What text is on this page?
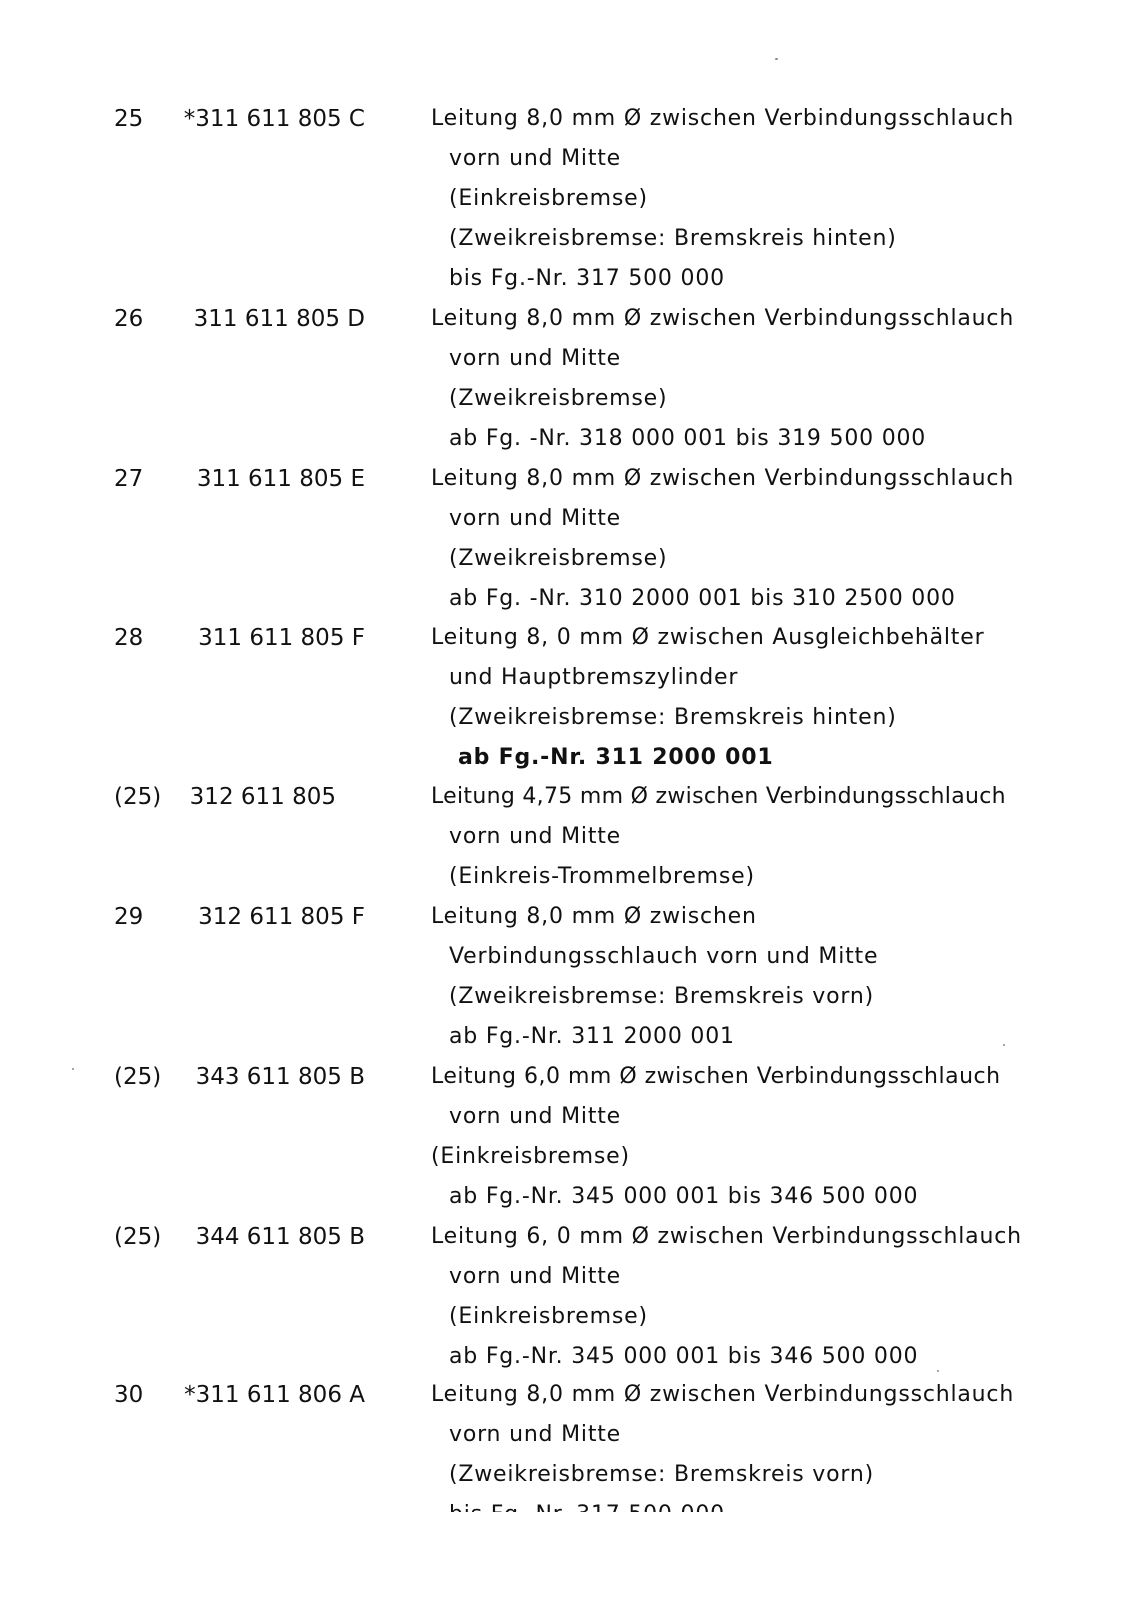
25	*311 611 805 C	Leitung 8,0 mm Ø zwischen Verbindungsschlauch
vorn und Mitte
(Einkreisbremse)
(Zweikreisbremse: Bremskreis hinten)
bis Fg.-Nr. 317 500 000
26	311 611 805 D	Leitung 8,0 mm Ø zwischen Verbindungsschlauch
vorn und Mitte
(Zweikreisbremse)
ab Fg. -Nr. 318 000 001 bis 319 500 000
27	311 611 805 E	Leitung 8,0 mm Ø zwischen Verbindungsschlauch
vorn und Mitte
(Zweikreisbremse)
ab Fg. -Nr. 310 2000 001 bis 310 2500 000
28	311 611 805 F	Leitung 8, 0 mm Ø zwischen Ausgleichbehälter
und Hauptbremszylinder
(Zweikreisbremse: Bremskreis hinten)
ab Fg.-Nr. 311 2000 001
(25)	312 611 805	Leitung 4,75 mm Ø zwischen Verbindungsschlauch
vorn und Mitte
(Einkreis-Trommelbremse)
29	312 611 805 F	Leitung 8,0 mm Ø zwischen
Verbindungsschlauch vorn und Mitte
(Zweikreisbremse: Bremskreis vorn)
ab Fg.-Nr. 311 2000 001
(25)	343 611 805 B	Leitung 6,0 mm Ø zwischen Verbindungsschlauch
vorn und Mitte
(Einkreisbremse)
ab Fg.-Nr. 345 000 001 bis 346 500 000
(25)	344 611 805 B	Leitung 6, 0 mm Ø zwischen Verbindungsschlauch
vorn und Mitte
(Einkreisbremse)
ab Fg.-Nr. 345 000 001 bis 346 500 000
30	*311 611 806 A	Leitung 8,0 mm Ø zwischen Verbindungsschlauch
vorn und Mitte
(Zweikreisbremse: Bremskreis vorn)
